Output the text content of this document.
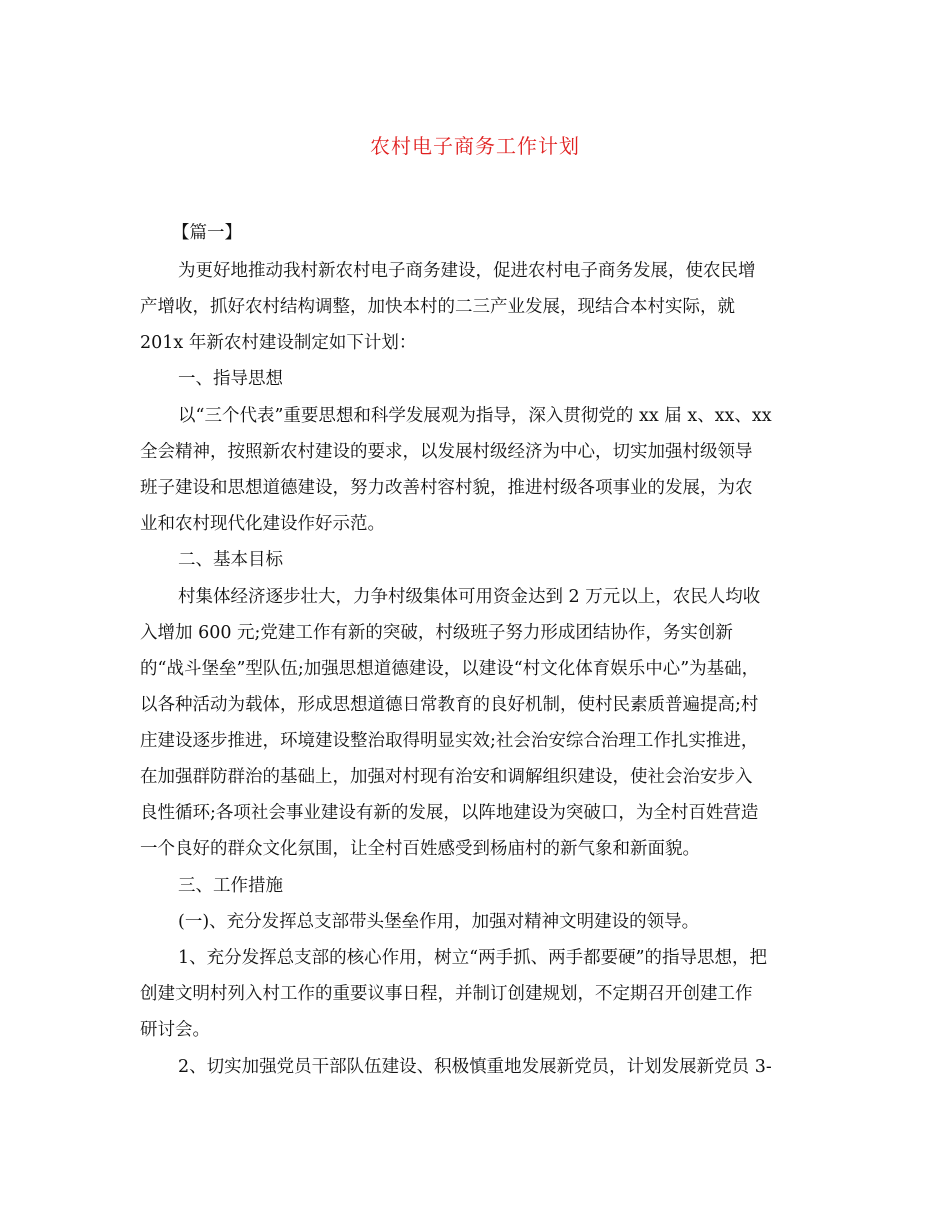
农村电子商务工作计划
【篇一】
为更好地推动我村新农村电子商务建设，促进农村电子商务发展，使农民增
产增收，抓好农村结构调整，加快本村的二三产业发展，现结合本村实际，就
201x 年新农村建设制定如下计划：
一、指导思想
以“三个代表”重要思想和科学发展观为指导，深入贯彻党的 xx 届 x、xx、xx
全会精神，按照新农村建设的要求，以发展村级经济为中心，切实加强村级领导
班子建设和思想道德建设，努力改善村容村貌，推进村级各项事业的发展，为农
业和农村现代化建设作好示范。
二、基本目标
村集体经济逐步壮大，力争村级集体可用资金达到 2 万元以上，农民人均收
入增加 600 元;党建工作有新的突破，村级班子努力形成团结协作，务实创新
的“战斗堡垒”型队伍;加强思想道德建设，以建设“村文化体育娱乐中心”为基础，
以各种活动为载体，形成思想道德日常教育的良好机制，使村民素质普遍提高;村
庄建设逐步推进，环境建设整治取得明显实效;社会治安综合治理工作扎实推进，
在加强群防群治的基础上，加强对村现有治安和调解组织建设，使社会治安步入
良性循环;各项社会事业建设有新的发展，以阵地建设为突破口，为全村百姓营造
一个良好的群众文化氛围，让全村百姓感受到杨庙村的新气象和新面貌。
三、工作措施
(一)、充分发挥总支部带头堡垒作用，加强对精神文明建设的领导。
1、充分发挥总支部的核心作用，树立“两手抓、两手都要硬”的指导思想，把
创建文明村列入村工作的重要议事日程，并制订创建规划，不定期召开创建工作
研讨会。
2、切实加强党员干部队伍建设、积极慎重地发展新党员，计划发展新党员 3-
